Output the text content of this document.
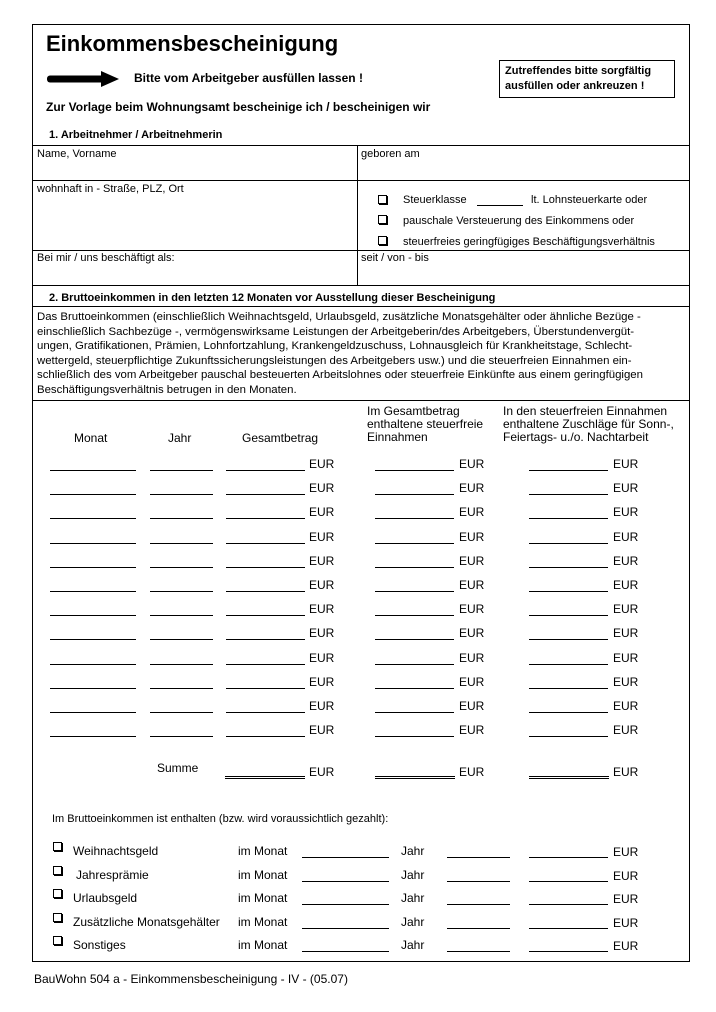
Einkommensbescheinigung
Bitte vom Arbeitgeber ausfüllen lassen !	Zutreffendes bitte sorgfältig
ausfüllen oder ankreuzen !
Zur Vorlage beim Wohnungsamt bescheinige ich / bescheinigen wir
1. Arbeitnehmer / Arbeitnehmerin
Name, Vorname	geboren am
wohnhaft in - Straße, PLZ, Ort
Steuerklasse	lt. Lohnsteuerkarte oder
pauschale Versteuerung des Einkommens oder
steuerfreies geringfügiges Beschäftigungsverhältnis
Bei mir / uns beschäftigt als:	seit / von - bis
2. Bruttoeinkommen in den letzten 12 Monaten vor Ausstellung dieser Bescheinigung
Das Bruttoeinkommen (einschließlich Weihnachtsgeld, Urlaubsgeld, zusätzliche Monatsgehälter oder ähnliche Bezüge -
einschließlich Sachbezüge -, vermögenswirksame Leistungen der Arbeitgeberin/des Arbeitgebers, Überstundenvergüt-
ungen, Gratifikationen, Prämien, Lohnfortzahlung, Krankengeldzuschuss, Lohnausgleich für Krankheitstage, Schlecht-
wettergeld, steuerpflichtige Zukunftssicherungsleistungen des Arbeitgebers usw.) und die steuerfreien Einnahmen ein-
schließlich des vom Arbeitgeber pauschal besteuerten Arbeitslohnes oder steuerfreie Einkünfte aus einem geringfügigen
Beschäftigungsverhältnis betrugen in den Monaten.
Monat	Jahr	Gesamtbetrag
Im Gesamtbetrag
enthaltene steuerfreie
Einnahmen
In den steuerfreien Einnahmen
enthaltene Zuschläge für Sonn-,
Feiertags- u./o. Nachtarbeit
EUR	EUR	EUR
EUR	EUR	EUR
EUR	EUR	EUR
EUR	EUR	EUR
EUR	EUR	EUR
EUR	EUR	EUR
EUR	EUR	EUR
EUR	EUR	EUR
EUR	EUR	EUR
EUR	EUR	EUR
EUR	EUR	EUR
EUR	EUR	EUR
Summe	EUR	EUR	EUR
Im Bruttoeinkommen ist enthalten (bzw. wird voraussichtlich gezahlt):
Weihnachtsgeld	im Monat	Jahr	EUR
Jahresprämie	im Monat	Jahr	EUR
Urlaubsgeld	im Monat	Jahr	EUR
Zusätzliche Monatsgehälter im Monat	Jahr	EUR
Sonstiges	im Monat	Jahr	EUR
BauWohn 504 a - Einkommensbescheinigung - IV - (05.07)
